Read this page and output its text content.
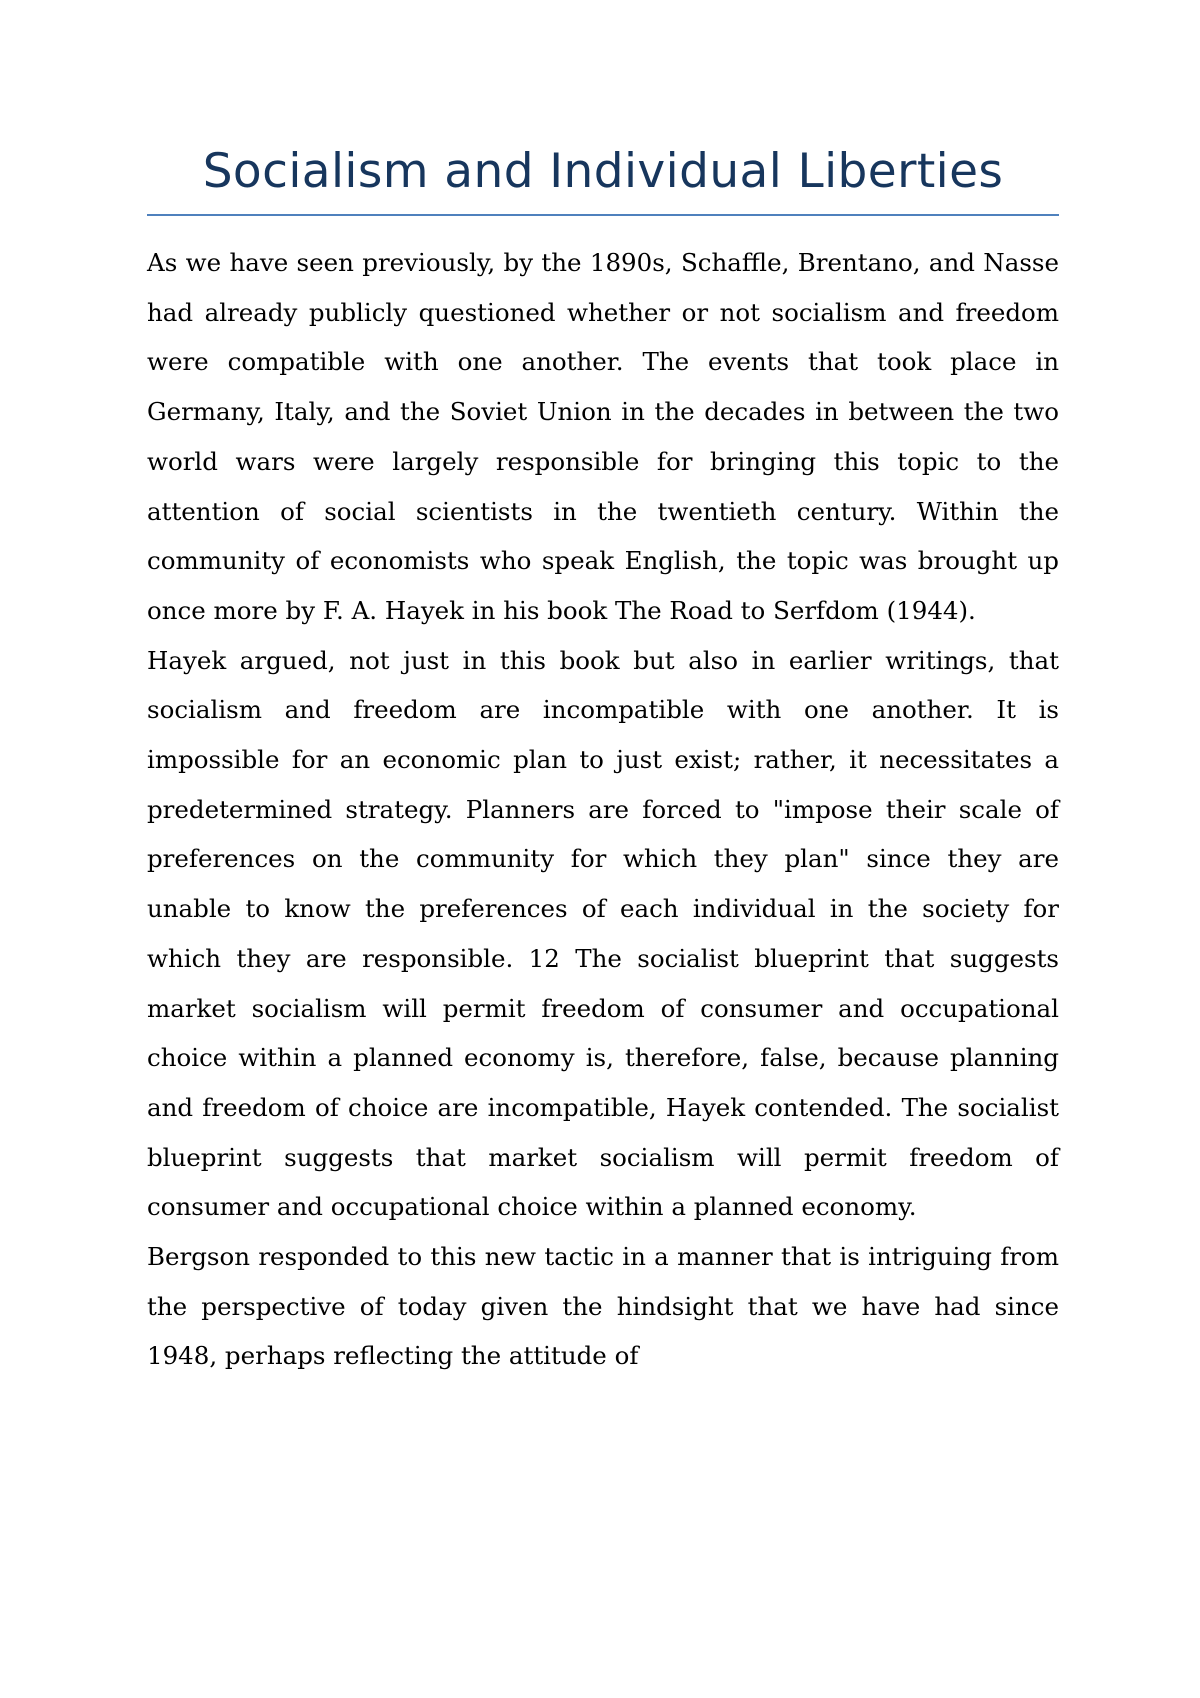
Socialism and Individual Liberties

As we have seen previously, by the 1890s, Schaffle, Brentano, and Nasse had already publicly questioned whether or not socialism and freedom were compatible with one another. The events that took place in Germany, Italy, and the Soviet Union in the decades in between the two world wars were largely responsible for bringing this topic to the attention of social scientists in the twentieth century. Within the community of economists who speak English, the topic was brought up once more by F. A. Hayek in his book The Road to Serfdom (1944).

Hayek argued, not just in this book but also in earlier writings, that socialism and freedom are incompatible with one another. It is impossible for an economic plan to just exist; rather, it necessitates a predetermined strategy. Planners are forced to "impose their scale of preferences on the community for which they plan" since they are unable to know the preferences of each individual in the society for which they are responsible. 12 The socialist blueprint that suggests market socialism will permit freedom of consumer and occupational choice within a planned economy is, therefore, false, because planning and freedom of choice are incompatible, Hayek contended. The socialist blueprint suggests that market socialism will permit freedom of consumer and occupational choice within a planned economy.

Bergson responded to this new tactic in a manner that is intriguing from the perspective of today given the hindsight that we have had since 1948, perhaps reflecting the attitude of
